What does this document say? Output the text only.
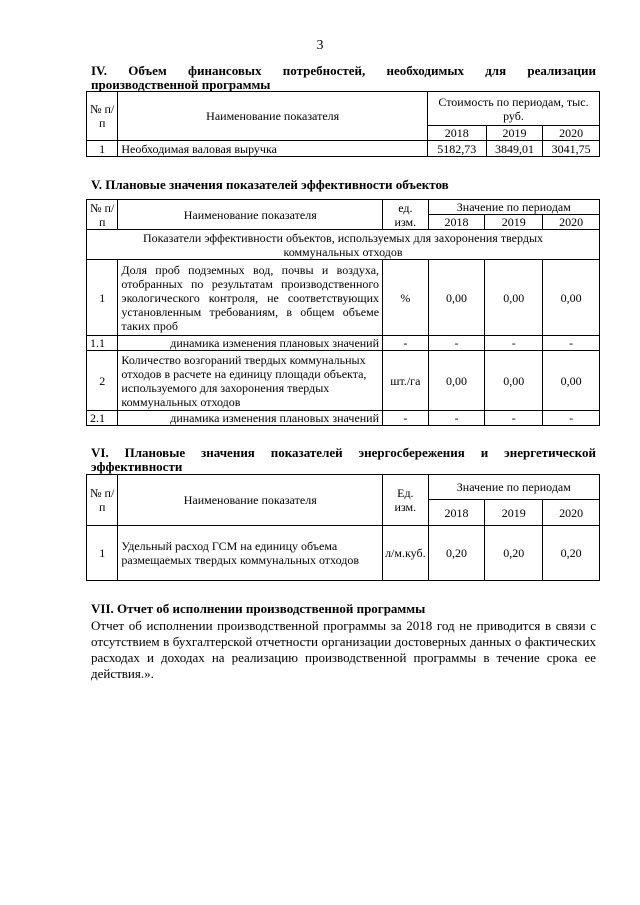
3
IV. Объем финансовых потребностей, необходимых для реализации
производственной программы
№ п/п	Наименование показателя	Стоимость по периодам, тыс. руб.		
		2018	2019	2020
1	Необходимая валовая выручка	5182,73	3849,01	3041,75
V. Плановые значения показателей эффективности объектов
№ п/п	Наименование показателя	ед. изм.	Значение по периодам		
			2018	2019	2020
Показатели эффективности объектов, используемых для захоронения твердых коммунальных отходов					
1	Доля проб подземных вод, почвы и воздуха, отобранных по результатам производственного экологического контроля, не соответствующих установленным требованиям, в общем объеме таких проб	%	0,00	0,00	0,00
1.1	динамика изменения плановых значений	-	-	-	-
2	Количество возгораний твердых коммунальных отходов в расчете на единицу площади объекта, используемого для захоронения твердых коммунальных отходов	шт./га	0,00	0,00	0,00
2.1	динамика изменения плановых значений	-	-	-	-
VI. Плановые значения показателей энергосбережения и энергетической
эффективности
№ п/п	Наименование показателя	Ед. изм.	Значение по периодам		
			2018	2019	2020
1	Удельный расход ГСМ на единицу объема размещаемых твердых коммунальных отходов	л/м.куб.	0,20	0,20	0,20
VII. Отчет об исполнении производственной программы
Отчет об исполнении производственной программы за 2018 год не приводится в связи с отсутствием в бухгалтерской отчетности организации достоверных данных о фактических расходах и доходах на реализацию производственной программы в течение срока ее действия.».
